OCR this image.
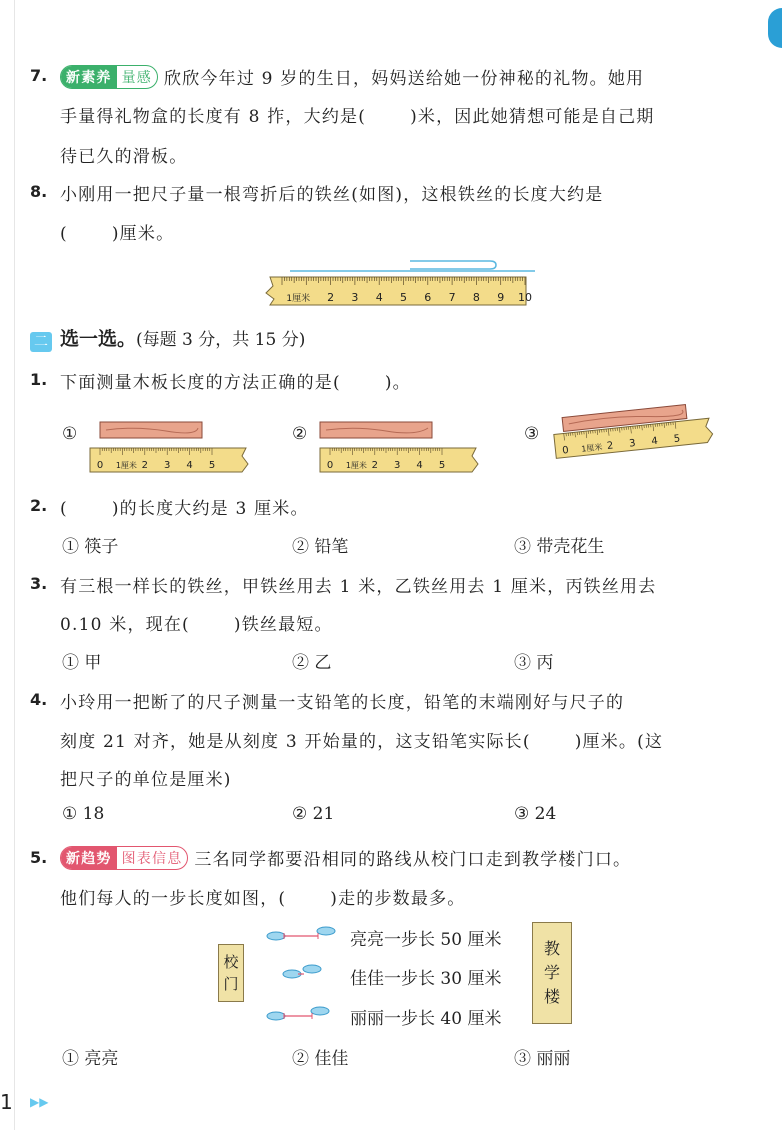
7.	新素养 量感 欣欣今年过 9 岁的生日，妈妈送给她一份神秘的礼物。她用
手量得礼物盒的长度有 8 拃，大约是(	)米，因此她猜想可能是自己期
待已久的滑板。
8. 小刚用一把尺子量一根弯折后的铁丝(如图)，这根铁丝的长度大约是
(	)厘米。
1厘米 2 3 4 5 6 7 8 9 10
二 选一选。(每题 3 分，共 15 分)
1. 下面测量木板长度的方法正确的是(	)。
①
0 1厘米 2 3 4 5
②
0 1厘米 2 3 4 5
③
0 1厘米 2 3 4 5
2. (	)的长度大约是 3 厘米。
① 筷子	② 铅笔	③ 带壳花生
3. 有三根一样长的铁丝，甲铁丝用去 1 米，乙铁丝用去 1 厘米，丙铁丝用去
0.10 米，现在(	)铁丝最短。
① 甲	② 乙	③ 丙
4. 小玲用一把断了的尺子测量一支铅笔的长度，铅笔的末端刚好与尺子的
刻度 21 对齐，她是从刻度 3 开始量的，这支铅笔实际长(	)厘米。(这
把尺子的单位是厘米)
① 18	② 21	③ 24
5.	新趋势 图表信息 三名同学都要沿相同的路线从校门口走到教学楼门口。
他们每人的一步长度如图，(	)走的步数最多。
校
门
教
学
楼
亮亮一步长 50 厘米
佳佳一步长 30 厘米
丽丽一步长 40 厘米
① 亮亮	② 佳佳	③ 丽丽
1 ▶▶
